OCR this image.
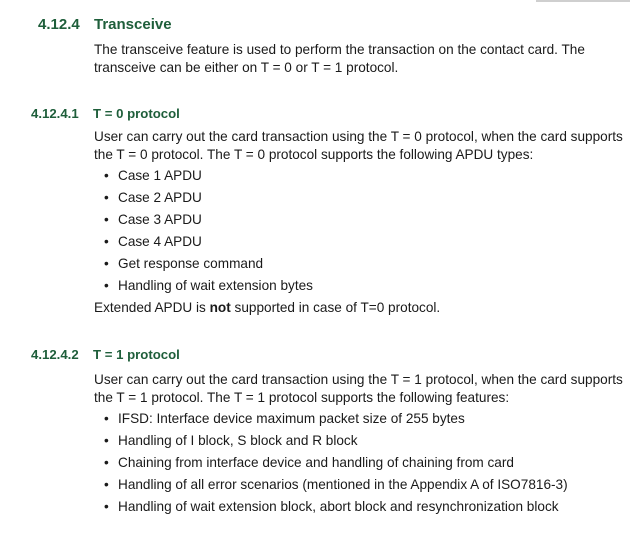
4.12.4 Transceive

The transceive feature is used to perform the transaction on the contact card. The transceive can be either on T = 0 or T = 1 protocol.

4.12.4.1 T = 0 protocol

User can carry out the card transaction using the T = 0 protocol, when the card supports the T = 0 protocol. The T = 0 protocol supports the following APDU types:

• Case 1 APDU
• Case 2 APDU
• Case 3 APDU
• Case 4 APDU
• Get response command
• Handling of wait extension bytes
Extended APDU is not supported in case of T=0 protocol.
4.12.4.2 T = 1 protocol

User can carry out the card transaction using the T = 1 protocol, when the card supports the T = 1 protocol. The T = 1 protocol supports the following features:

• IFSD: Interface device maximum packet size of 255 bytes
• Handling of I block, S block and R block
• Chaining from interface device and handling of chaining from card
• Handling of all error scenarios (mentioned in the Appendix A of ISO7816-3)
• Handling of wait extension block, abort block and resynchronization block
